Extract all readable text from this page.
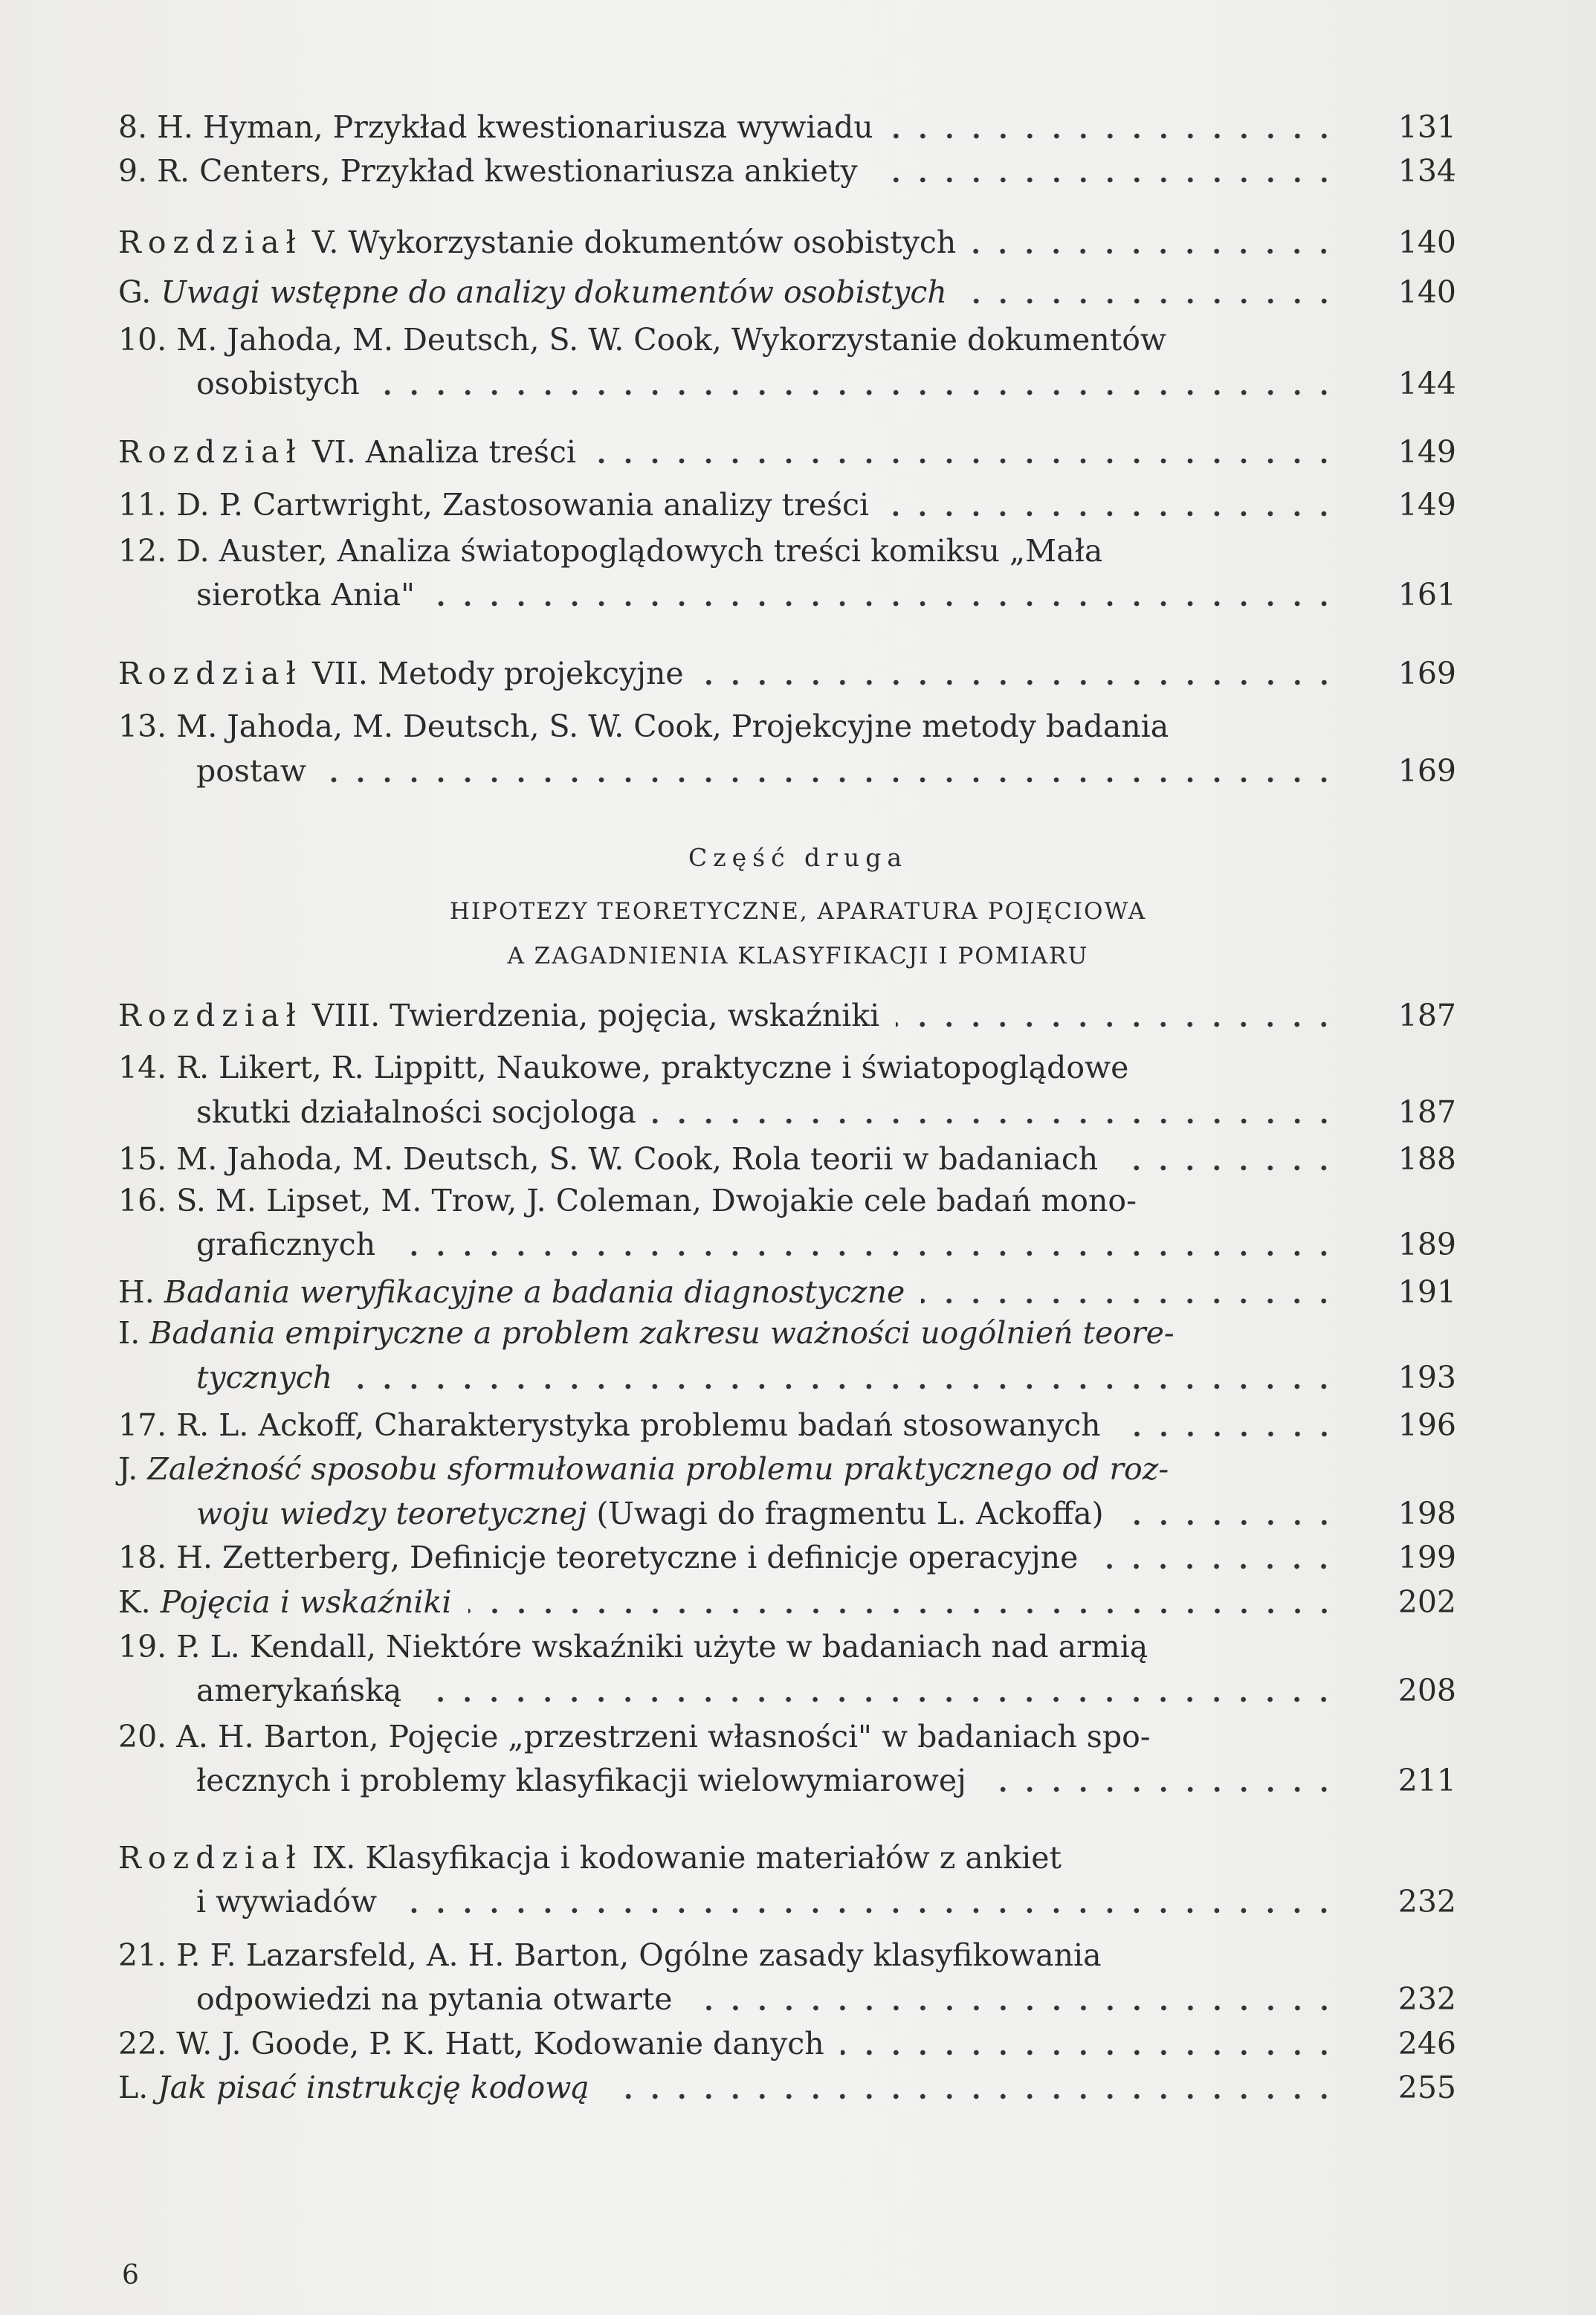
Część druga
HIPOTEZY TEORETYCZNE, APARATURA POJĘCIOWA
A ZAGADNIENIA KLASYFIKACJI I POMIARU
6
8. H. Hyman, Przykład kwestionariusza wywiadu	131
9. R. Centers, Przykład kwestionariusza ankiety	134
Rozdział V. Wykorzystanie dokumentów osobistych	140
G. Uwagi wstępne do analizy dokumentów osobistych	140
10. M. Jahoda, M. Deutsch, S. W. Cook, Wykorzystanie dokumentów
osobistych	144
Rozdział VI. Analiza treści	149
11. D. P. Cartwright, Zastosowania analizy treści	149
12. D. Auster, Analiza światopoglądowych treści komiksu „Mała
sierotka Ania"	161
Rozdział VII. Metody projekcyjne	169
13. M. Jahoda, M. Deutsch, S. W. Cook, Projekcyjne metody badania
postaw	169
Rozdział VIII. Twierdzenia, pojęcia, wskaźniki	187
14. R. Likert, R. Lippitt, Naukowe, praktyczne i światopoglądowe
skutki działalności socjologa	187
15. M. Jahoda, M. Deutsch, S. W. Cook, Rola teorii w badaniach	188
16. S. M. Lipset, M. Trow, J. Coleman, Dwojakie cele badań mono-
graficznych	189
H. Badania weryfikacyjne a badania diagnostyczne	191
I. Badania empiryczne a problem zakresu ważności uogólnień teore-
tycznych	193
17. R. L. Ackoff, Charakterystyka problemu badań stosowanych	196
J. Zależność sposobu sformułowania problemu praktycznego od roz-
woju wiedzy teoretycznej (Uwagi do fragmentu L. Ackoffa)	198
18. H. Zetterberg, Definicje teoretyczne i definicje operacyjne	199
K. Pojęcia i wskaźniki	202
19. P. L. Kendall, Niektóre wskaźniki użyte w badaniach nad armią
amerykańską	208
20. A. H. Barton, Pojęcie „przestrzeni własności" w badaniach spo-
łecznych i problemy klasyfikacji wielowymiarowej	211
Rozdział IX. Klasyfikacja i kodowanie materiałów z ankiet
i wywiadów	232
21. P. F. Lazarsfeld, A. H. Barton, Ogólne zasady klasyfikowania
odpowiedzi na pytania otwarte	232
22. W. J. Goode, P. K. Hatt, Kodowanie danych	246
L. Jak pisać instrukcję kodową	255
